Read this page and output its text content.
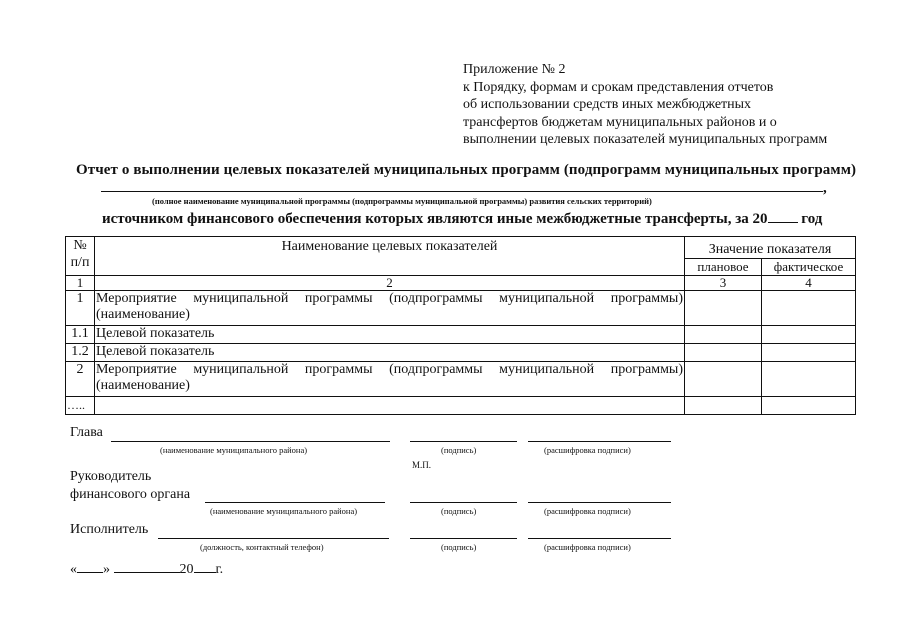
Приложение № 2
к Порядку, формам и срокам представления отчетов
об использовании средств иных межбюджетных
трансфертов бюджетам муниципальных районов и о
выполнении целевых показателей муниципальных программ
Отчет о выполнении целевых показателей муниципальных программ (подпрограмм муниципальных программ)
,
(полное наименование муниципальной программы (подпрограммы муниципальной программы) развития сельских территорий)
источником финансового обеспечения которых являются иные межбюджетные трансферты, за 20 год
№ п/п	Наименование целевых показателей	Значение показателя	
		плановое	фактическое
1	2	3	4
1	Мероприятие муниципальной программы (подпрограммы муниципальной программы)
(наименование)		
1.1	Целевой показатель		
1.2	Целевой показатель		
2	Мероприятие муниципальной программы (подпрограммы муниципальной программы)
(наименование)		
…..			
Глава
(наименование муниципального района)	(подпись)	(расшифровка подписи)
М.П.
Руководитель
финансового органа
(наименование муниципального района)	(подпись)	(расшифровка подписи)
Исполнитель
(должность, контактный телефон)	(подпись)	(расшифровка подписи)
« »	20 г.
